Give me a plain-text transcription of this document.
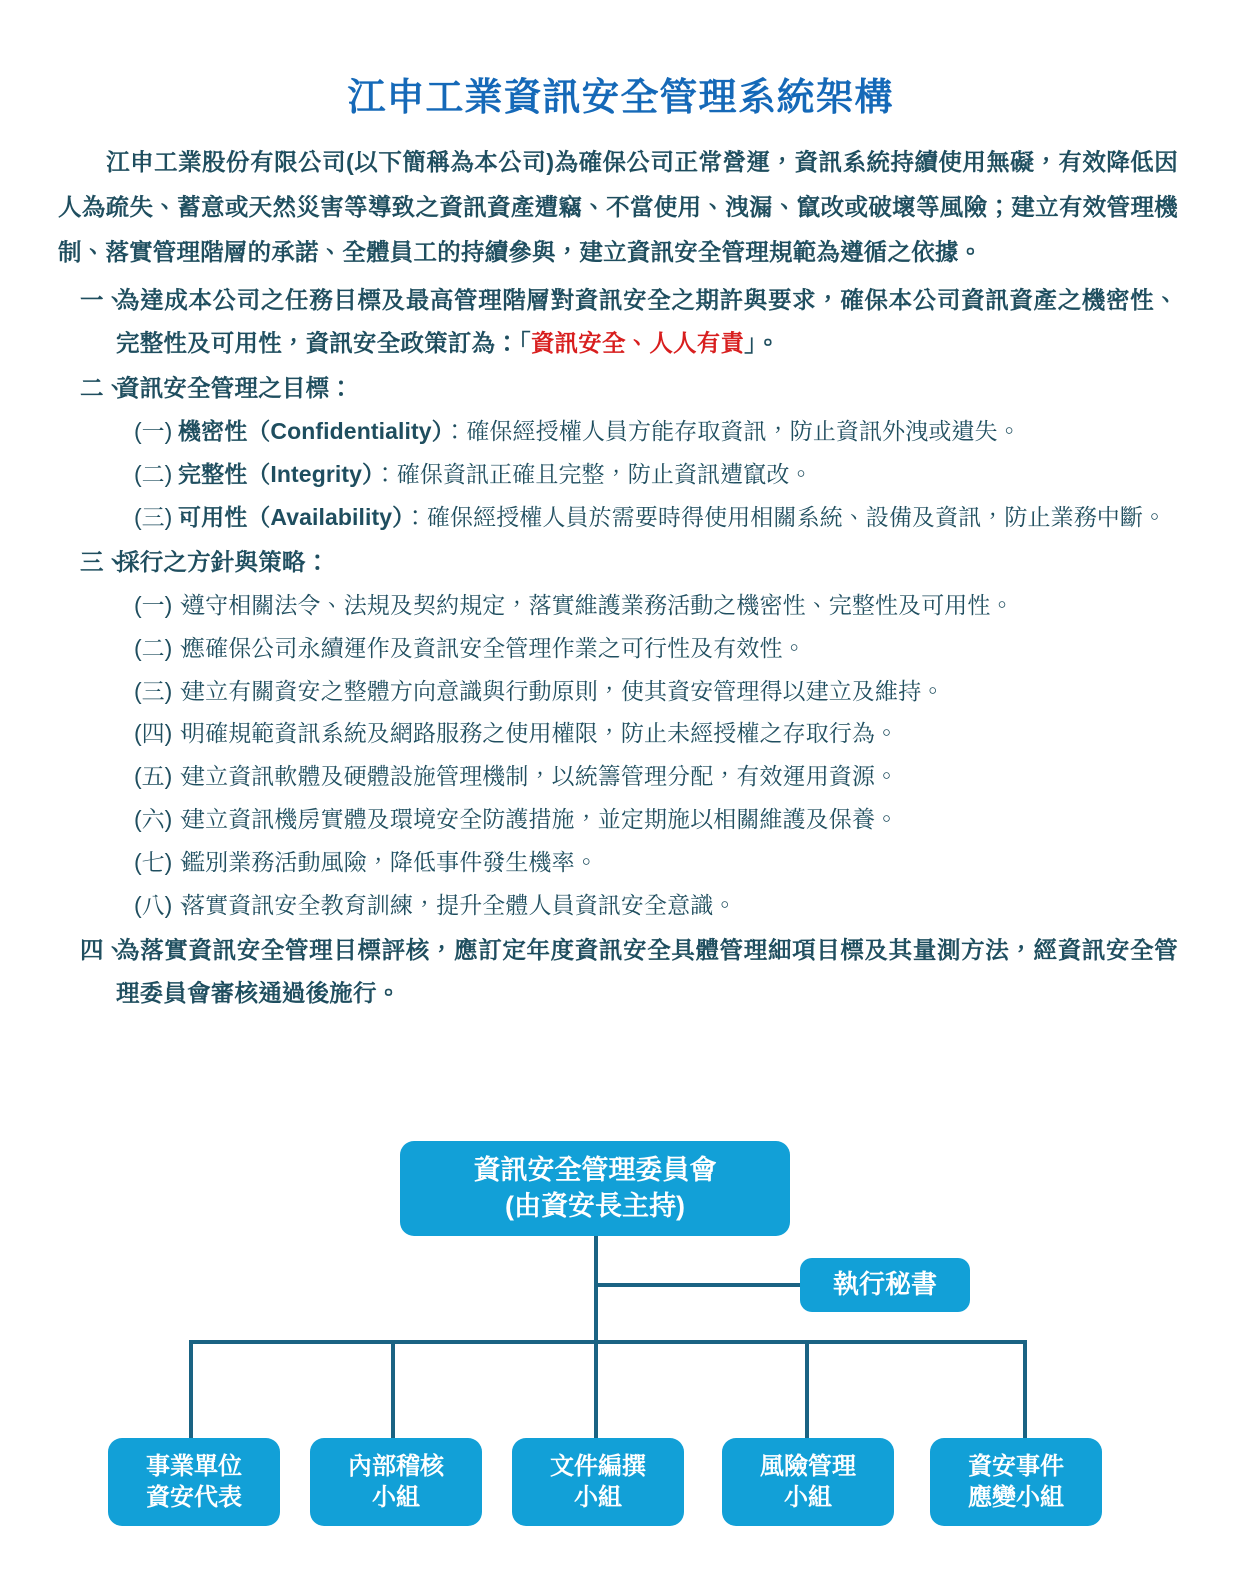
江申工業資訊安全管理系統架構

江申工業股份有限公司(以下簡稱為本公司)為確保公司正常營運，資訊系統持續使用無礙，有效降低因人為疏失、蓄意或天然災害等導致之資訊資產遭竊、不當使用、洩漏、竄改或破壞等風險；建立有效管理機制、落實管理階層的承諾、全體員工的持續參與，建立資訊安全管理規範為遵循之依據。

一、
為達成本公司之任務目標及最高管理階層對資訊安全之期許與要求，確保本公司資訊資產之機密性、完整性及可用性，資訊安全政策訂為：「資訊安全、人人有責」。
二、
資訊安全管理之目標：
(一)、
機密性（Confidentiality）：確保經授權人員方能存取資訊，防止資訊外洩或遺失。
(二)、
完整性（Integrity）：確保資訊正確且完整，防止資訊遭竄改。
(三)、
可用性（Availability）：確保經授權人員於需要時得使用相關系統、設備及資訊，防止業務中斷。
三、
採行之方針與策略：
(一)、
遵守相關法令、法規及契約規定，落實維護業務活動之機密性、完整性及可用性。
(二)、
應確保公司永續運作及資訊安全管理作業之可行性及有效性。
(三)、
建立有關資安之整體方向意識與行動原則，使其資安管理得以建立及維持。
(四)、
明確規範資訊系統及網路服務之使用權限，防止未經授權之存取行為。
(五)、
建立資訊軟體及硬體設施管理機制，以統籌管理分配，有效運用資源。
(六)、
建立資訊機房實體及環境安全防護措施，並定期施以相關維護及保養。
(七)、
鑑別業務活動風險，降低事件發生機率。
(八)、
落實資訊安全教育訓練，提升全體人員資訊安全意識。
四、
為落實資訊安全管理目標評核，應訂定年度資訊安全具體管理細項目標及其量測方法，經資訊安全管理委員會審核通過後施行。
資訊安全管理委員會
(由資安長主持)
執行秘書
事業單位
資安代表
內部稽核
小組
文件編撰
小組
風險管理
小組
資安事件
應變小組
